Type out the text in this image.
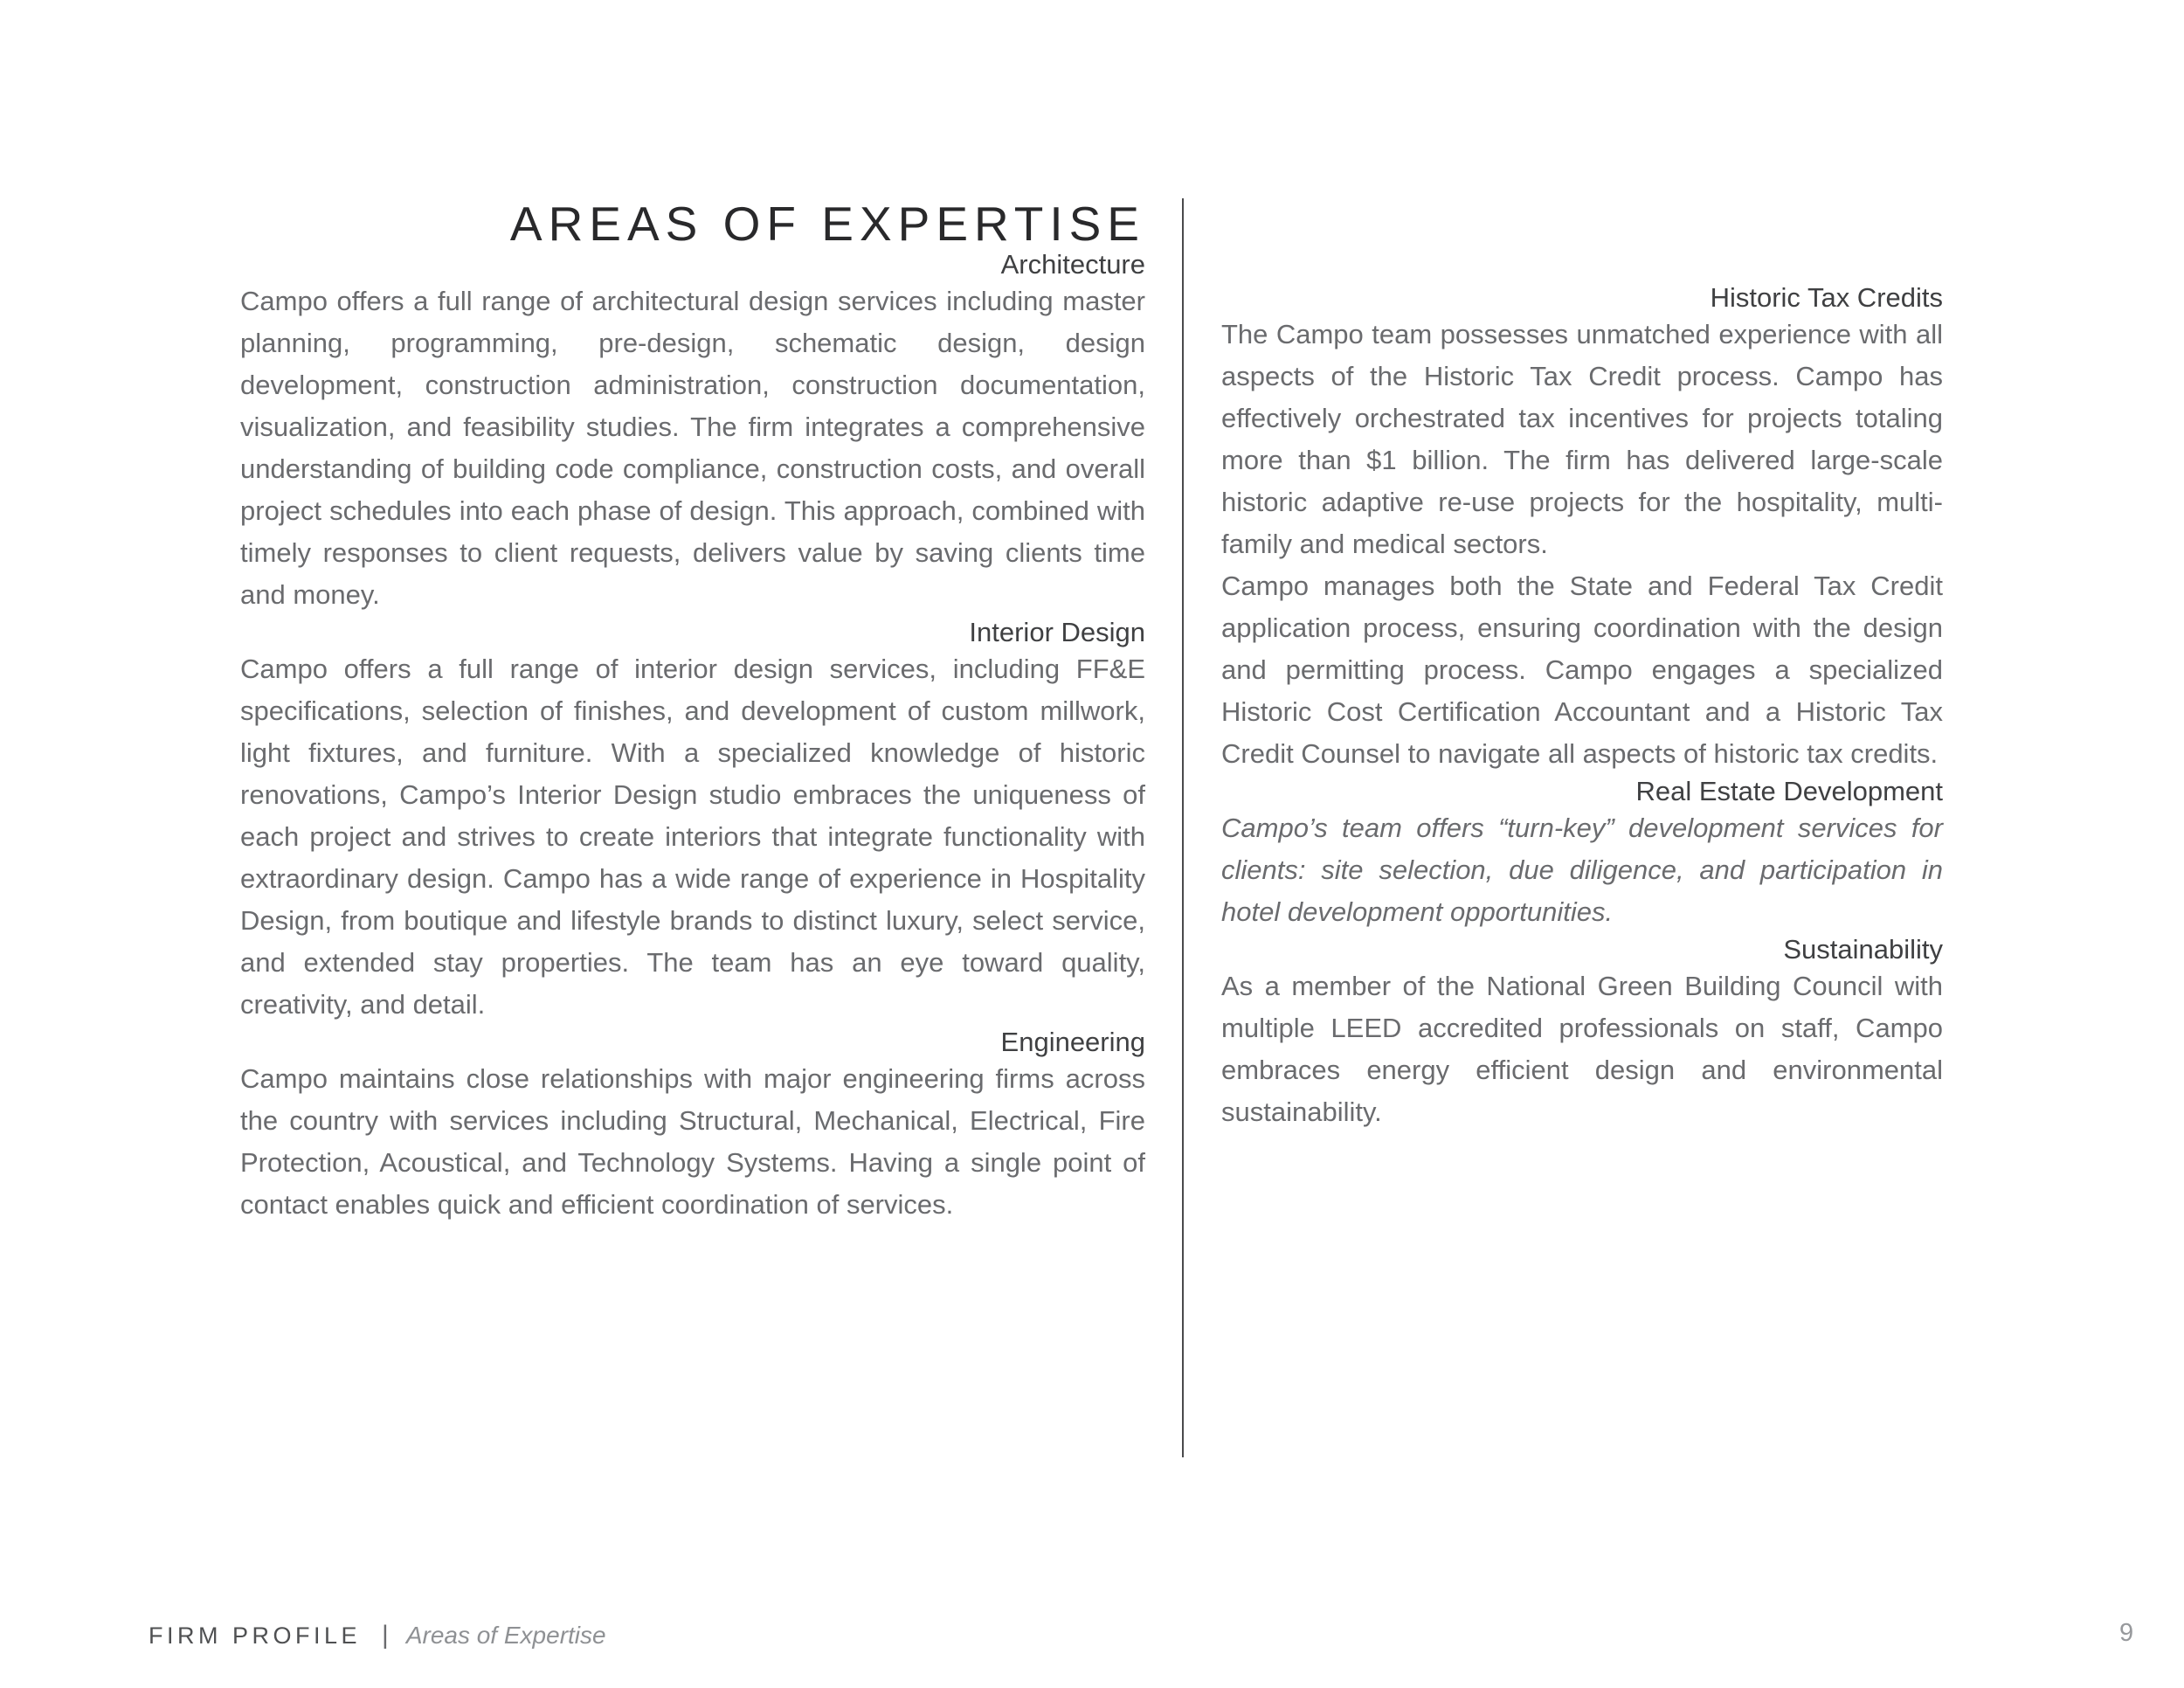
AREAS OF EXPERTISE
Architecture

Campo offers a full range of architectural design services including master planning, programming, pre-design, schematic design, design development, construction administration, construction documentation, visualization, and feasibility studies. The firm integrates a comprehensive understanding of building code compliance, construction costs, and overall project schedules into each phase of design. This approach, combined with timely responses to client requests, delivers value by saving clients time and money.

Interior Design

Campo offers a full range of interior design services, including FF&E specifications, selection of finishes, and development of custom millwork, light fixtures, and furniture. With a specialized knowledge of historic renovations, Campo’s Interior Design studio embraces the uniqueness of each project and strives to create interiors that integrate functionality with extraordinary design. Campo has a wide range of experience in Hospitality Design, from boutique and lifestyle brands to distinct luxury, select service, and extended stay properties. The team has an eye toward quality, creativity, and detail.

Engineering

Campo maintains close relationships with major engineering firms across the country with services including Structural, Mechanical, Electrical, Fire Protection, Acoustical, and Technology Systems. Having a single point of contact enables quick and efficient coordination of services.

Historic Tax Credits

The Campo team possesses unmatched experience with all aspects of the Historic Tax Credit process. Campo has effectively orchestrated tax incentives for projects totaling more than $1 billion. The firm has delivered large-scale historic adaptive re-use projects for the hospitality, multi-family and medical sectors.

Campo manages both the State and Federal Tax Credit application process, ensuring coordination with the design and permitting process. Campo engages a specialized Historic Cost Certification Accountant and a Historic Tax Credit Counsel to navigate all aspects of historic tax credits.

Real Estate Development

Campo’s team offers “turn-key” development services for clients: site selection, due diligence, and participation in hotel development opportunities.

Sustainability

As a member of the National Green Building Council with multiple LEED accredited professionals on staff, Campo embraces energy efficient design and environmental sustainability.

FIRM PROFILE | Areas of Expertise	9
